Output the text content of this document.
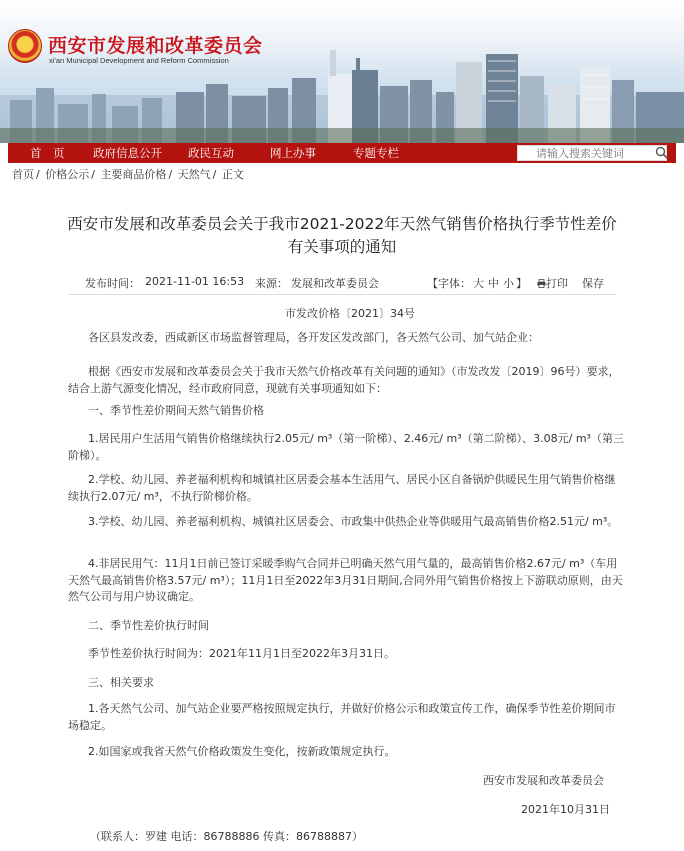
西安市发展和改革委员会
xi'an Municipal Development and Reform Commission
首　页 政府信息公开 政民互动	网上办事	专题专栏
请输入搜索关键词
首页 / 价格公示 / 主要商品价格 / 天然气 / 正文
西安市发展和改革委员会关于我市2021-2022年天然气销售价格执行季节性差价有关事项的通知
发布时间： 2021-11-01 16:53 来源： 发展和改革委员会	【字体： 大 中 小 】	打印 保存
市发改价格〔2021〕34号
各区县发改委，西咸新区市场监督管理局，各开发区发改部门，各天然气公司、加气站企业：
根据《西安市发展和改革委员会关于我市天然气价格改革有关问题的通知》（市发改发〔2019〕96号）要求，结合上游气源变化情况，经市政府同意，现就有关事项通知如下：
一、季节性差价期间天然气销售价格
1.居民用户生活用气销售价格继续执行2.05元/ m³（第一阶梯）、2.46元/ m³（第二阶梯）、3.08元/ m³（第三阶梯）。
2.学校、幼儿园、养老福利机构和城镇社区居委会基本生活用气、居民小区自备锅炉供暖民生用气销售价格继续执行2.07元/ m³，不执行阶梯价格。
3.学校、幼儿园、养老福利机构、城镇社区居委会、市政集中供热企业等供暖用气最高销售价格2.51元/ m³。
4.非居民用气：11月1日前已签订采暖季购气合同并已明确天然气用气量的，最高销售价格2.67元/ m³（车用天然气最高销售价格3.57元/ m³）；11月1日至2022年3月31日期间,合同外用气销售价格按上下游联动原则，由天然气公司与用户协议确定。
二、季节性差价执行时间
季节性差价执行时间为：2021年11月1日至2022年3月31日。
三、相关要求
1.各天然气公司、加气站企业要严格按照规定执行，并做好价格公示和政策宣传工作，确保季节性差价期间市场稳定。
2.如国家或我省天然气价格政策发生变化，按新政策规定执行。
西安市发展和改革委员会
2021年10月31日
（联系人：罗建 电话：86788886 传真：86788887）
